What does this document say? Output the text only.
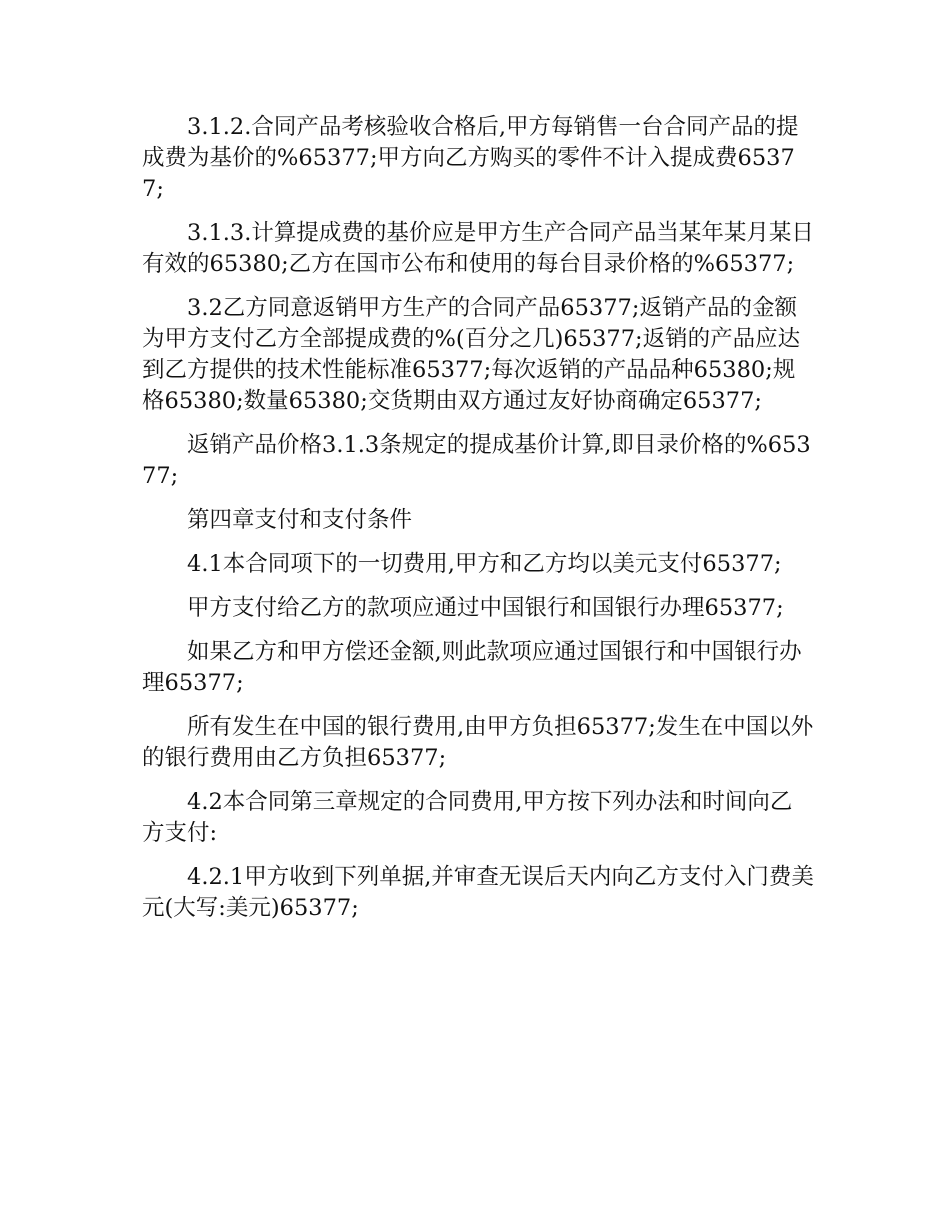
3.1.2.合同产品考核验收合格后,甲方每销售一台合同产品的提成费为基价的%65377;甲方向乙方购买的零件不计入提成费65377;

3.1.3.计算提成费的基价应是甲方生产合同产品当某年某月某日有效的65380;乙方在国市公布和使用的每台目录价格的%65377;

3.2乙方同意返销甲方生产的合同产品65377;返销产品的金额为甲方支付乙方全部提成费的%(百分之几)65377;返销的产品应达到乙方提供的技术性能标准65377;每次返销的产品品种65380;规格65380;数量65380;交货期由双方通过友好协商确定65377;

返销产品价格3.1.3条规定的提成基价计算,即目录价格的%65377;

第四章支付和支付条件

4.1本合同项下的一切费用,甲方和乙方均以美元支付65377;

甲方支付给乙方的款项应通过中国银行和国银行办理65377;

如果乙方和甲方偿还金额,则此款项应通过国银行和中国银行办理65377;

所有发生在中国的银行费用,由甲方负担65377;发生在中国以外的银行费用由乙方负担65377;

4.2本合同第三章规定的合同费用,甲方按下列办法和时间向乙方支付:

4.2.1甲方收到下列单据,并审查无误后天内向乙方支付入门费美元(大写:美元)65377;
